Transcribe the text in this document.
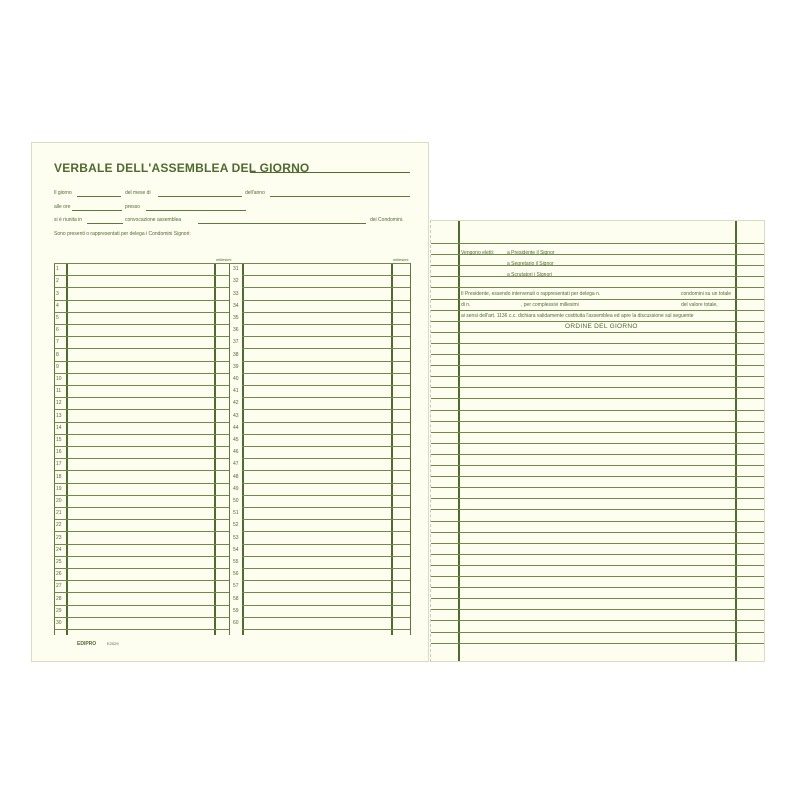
VERBALE DELL'ASSEMBLEA DEL GIORNO
Il giorno	del mese di	dell'anno
alle ore	presso
si è riunita in	convocazione assemblea	dei Condomini.
Sono presenti o rappresentati per delega i Condomini Signori:
millesimi	millesimi
1	31
2	32
3	33
4	34
5	35
6	36
7	37
8	38
9	39
10	40
11	41
12	42
13	43
14	44
15	45
16	46
17	47
18	48
19	49
20	50
21	51
22	52
23	53
24	54
25	55
26	56
27	57
28	58
29	59
30	60
EDIPRO	E2029
Vengono eletti:	a Presidente il Signor
a Segretario il Signor
a Scrutatori i Signori
Il Presidente, essendo intervenuti o rappresentati per delega n.	condomini su un totale
di n.	, per complessivi millesimi	del valore totale,
ai sensi dell'art. 1136 c.c. dichiara validamente costituita l'assemblea ed apre la discussione sul seguente
ORDINE DEL GIORNO
